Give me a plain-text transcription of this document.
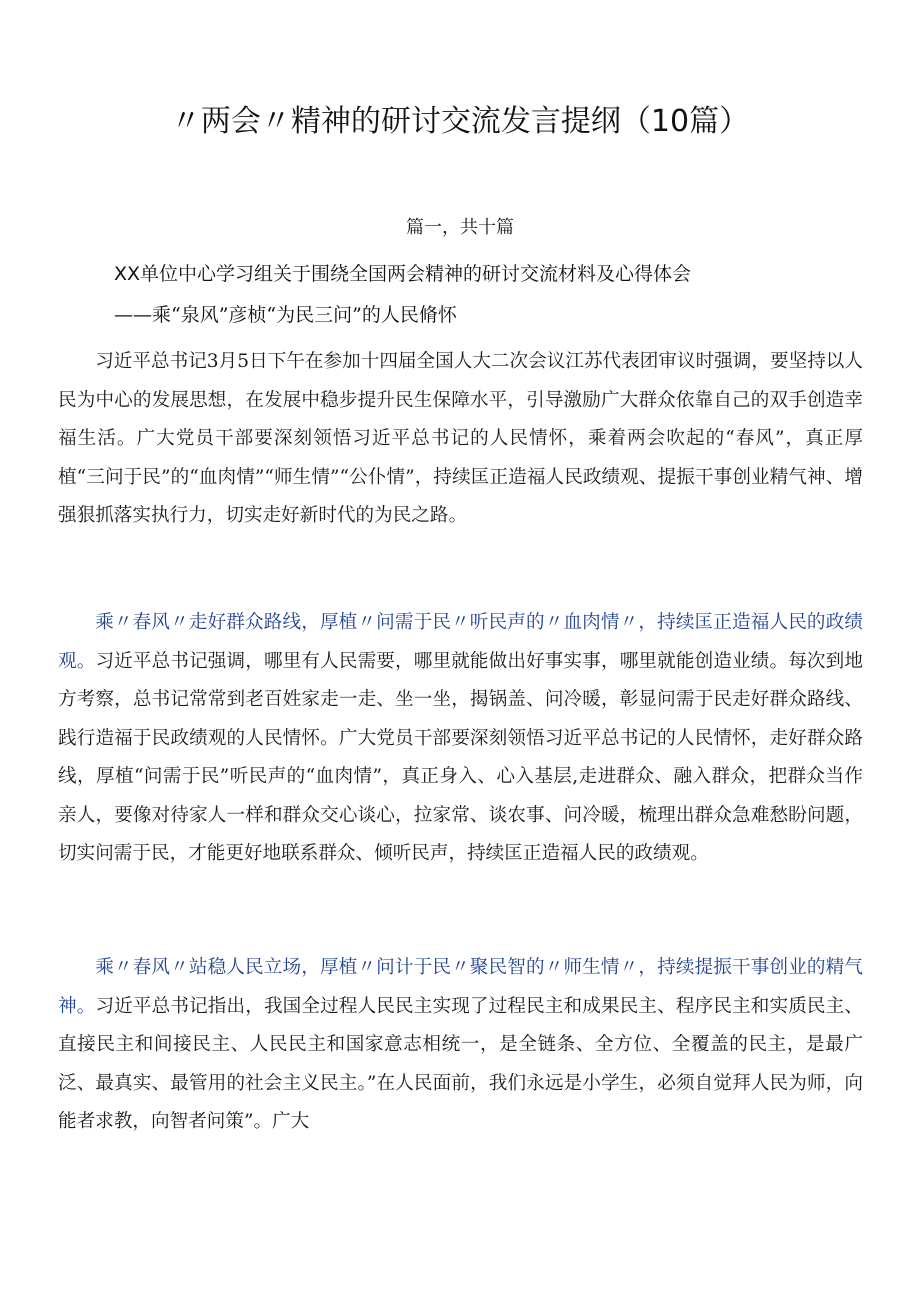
〃两会〃精神的研讨交流发言提纲（10篇）
篇一，共十篇
XX单位中心学习组关于围绕全国两会精神的研讨交流材料及心得体会
——乘“泉风”彦桢“为民三问”的人民脩怀

习近平总书记3月5日下午在参加十四届全国人大二次会议江苏代表团审议时强调，要坚持以人民为中心的发展思想，在发展中稳步提升民生保障水平，引导激励广大群众依靠自己的双手创造幸福生活。广大党员干部要深刻领悟习近平总书记的人民情怀，乘着两会吹起的“春风”，真正厚植“三问于民”的“血肉情”“师生情”“公仆情”，持续匡正造福人民政绩观、提振干事创业精气神、增强狠抓落实执行力，切实走好新时代的为民之路。

乘〃春风〃走好群众路线，厚植〃问需于民〃听民声的〃血肉情〃，持续匡正造福人民的政绩观。习近平总书记强调，哪里有人民需要，哪里就能做出好事实事，哪里就能创造业绩。每次到地方考察，总书记常常到老百姓家走一走、坐一坐，揭锅盖、问冷暖，彰显问需于民走好群众路线、践行造福于民政绩观的人民情怀。广大党员干部要深刻领悟习近平总书记的人民情怀，走好群众路线，厚植“问需于民”听民声的“血肉情”，真正身入、心入基层,走进群众、融入群众，把群众当作亲人，要像对待家人一样和群众交心谈心，拉家常、谈农事、问冷暖，梳理出群众急难愁盼问题，切实问需于民，才能更好地联系群众、倾听民声，持续匡正造福人民的政绩观。

乘〃春风〃站稳人民立场，厚植〃问计于民〃聚民智的〃师生情〃，持续提振干事创业的精气神。习近平总书记指出，我国全过程人民民主实现了过程民主和成果民主、程序民主和实质民主、直接民主和间接民主、人民民主和国家意志相统一，是全链条、全方位、全覆盖的民主，是最广泛、最真实、最管用的社会主义民主。”在人民面前，我们永远是小学生，必须自觉拜人民为师，向能者求教，向智者问策”。广大
